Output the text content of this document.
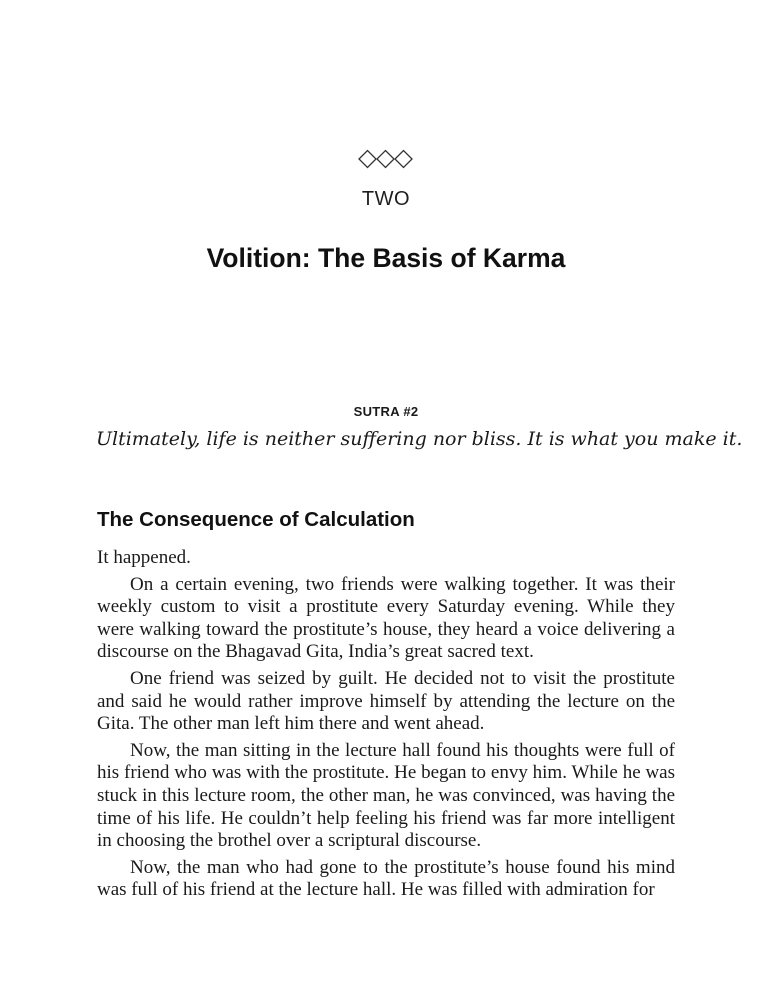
TWO
Volition: The Basis of Karma
SUTRA #2
Ultimately, life is neither suffering nor bliss. It is what you make it.
The Consequence of Calculation

It happened.

On a certain evening, two friends were walking together. It was their weekly custom to visit a prostitute every Saturday evening. While they were walking toward the prostitute’s house, they heard a voice delivering a discourse on the Bhagavad Gita, India’s great sacred text.

One friend was seized by guilt. He decided not to visit the prostitute and said he would rather improve himself by attending the lecture on the Gita. The other man left him there and went ahead.

Now, the man sitting in the lecture hall found his thoughts were full of his friend who was with the prostitute. He began to envy him. While he was stuck in this lecture room, the other man, he was convinced, was having the time of his life. He couldn’t help feeling his friend was far more intelligent in choosing the brothel over a scriptural discourse.

Now, the man who had gone to the prostitute’s house found his mind was full of his friend at the lecture hall. He was filled with admiration for
